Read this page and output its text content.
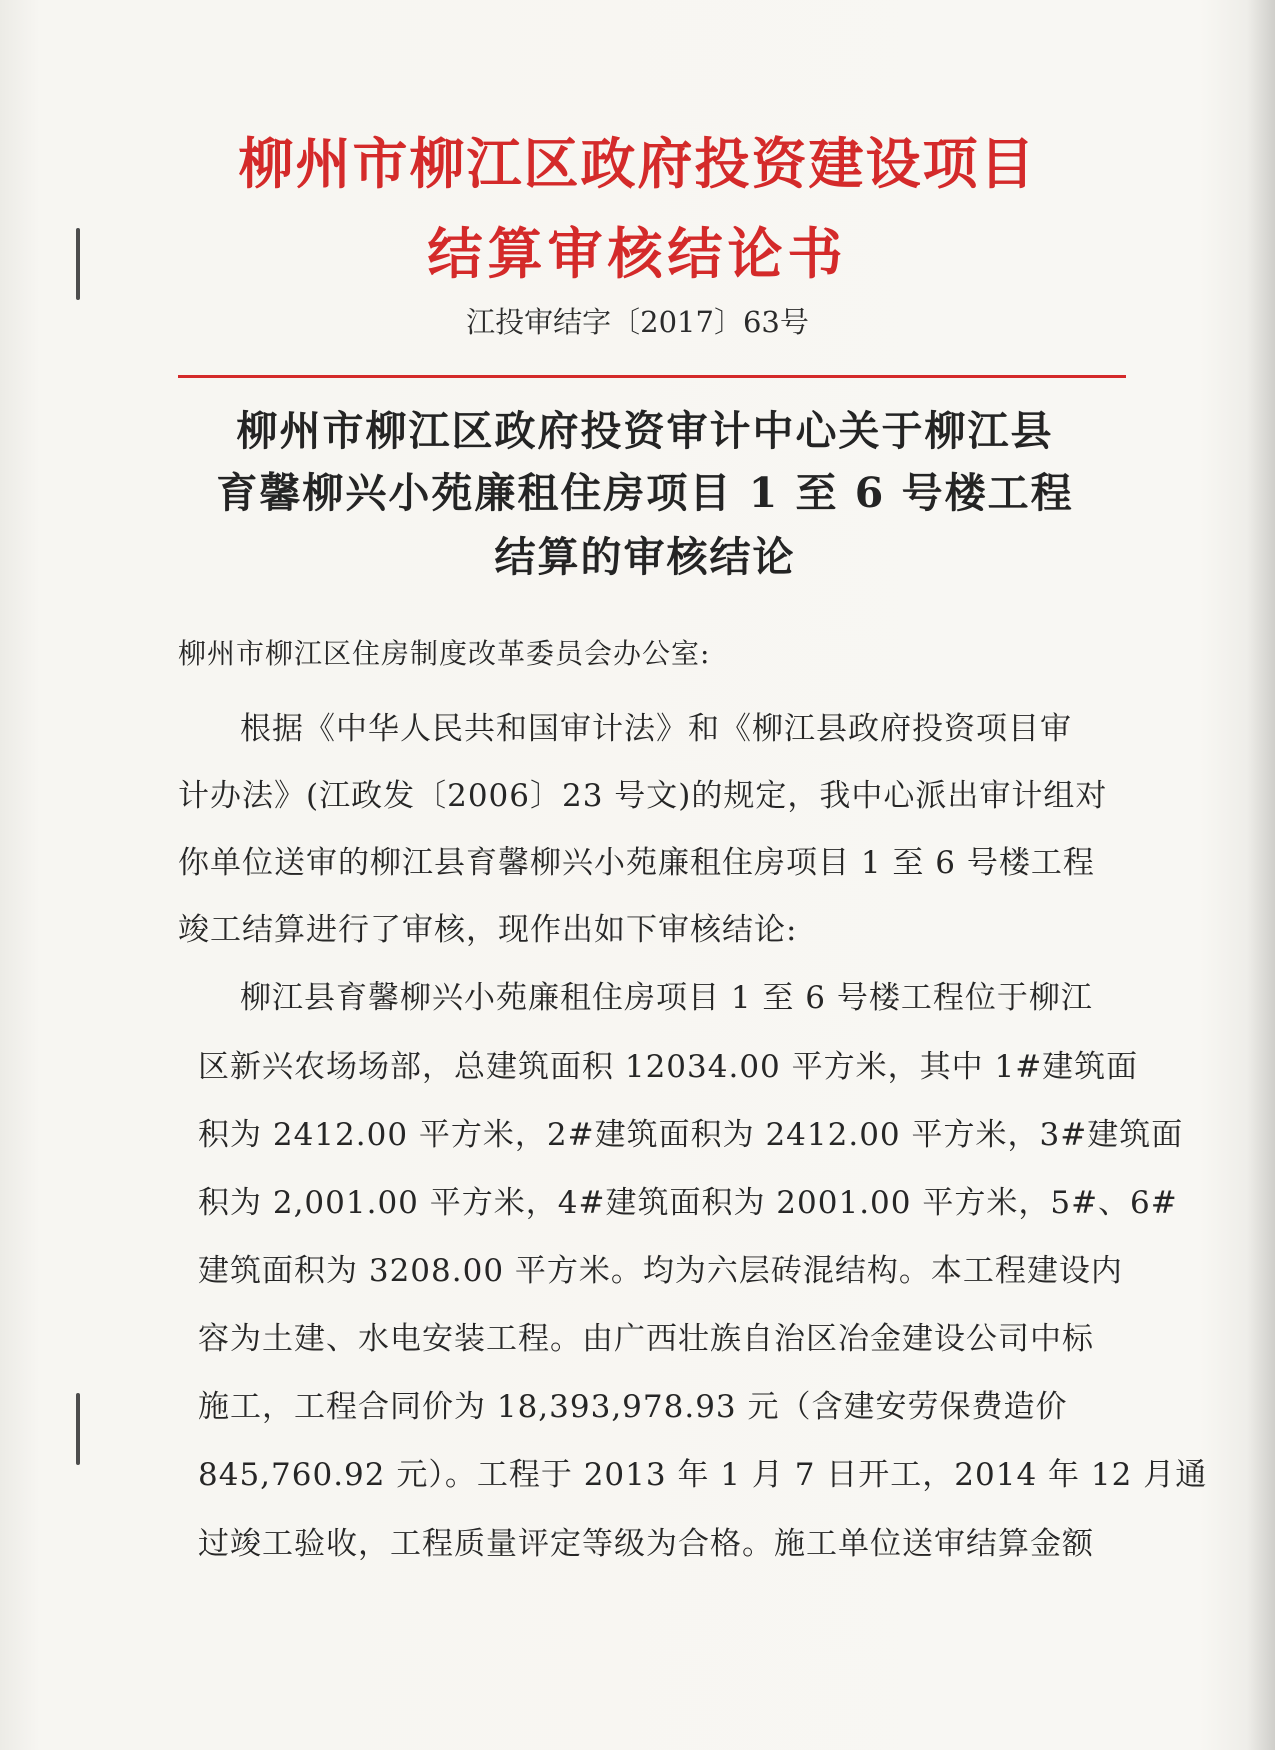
柳州市柳江区政府投资建设项目
结算审核结论书
江投审结字〔2017〕63号
柳州市柳江区政府投资审计中心关于柳江县
育馨柳兴小苑廉租住房项目 1 至 6 号楼工程
结算的审核结论
柳州市柳江区住房制度改革委员会办公室:
根据《中华人民共和国审计法》和《柳江县政府投资项目审
计办法》(江政发〔2006〕23 号文)的规定，我中心派出审计组对
你单位送审的柳江县育馨柳兴小苑廉租住房项目 1 至 6 号楼工程
竣工结算进行了审核，现作出如下审核结论:
柳江县育馨柳兴小苑廉租住房项目 1 至 6 号楼工程位于柳江
区新兴农场场部，总建筑面积 12034.00 平方米，其中 1#建筑面
积为 2412.00 平方米，2#建筑面积为 2412.00 平方米，3#建筑面
积为 2,001.00 平方米，4#建筑面积为 2001.00 平方米，5#、6#
建筑面积为 3208.00 平方米。均为六层砖混结构。本工程建设内
容为土建、水电安装工程。由广西壮族自治区冶金建设公司中标
施工，工程合同价为 18,393,978.93 元（含建安劳保费造价
845,760.92 元）。工程于 2013 年 1 月 7 日开工，2014 年 12 月通
过竣工验收，工程质量评定等级为合格。施工单位送审结算金额
